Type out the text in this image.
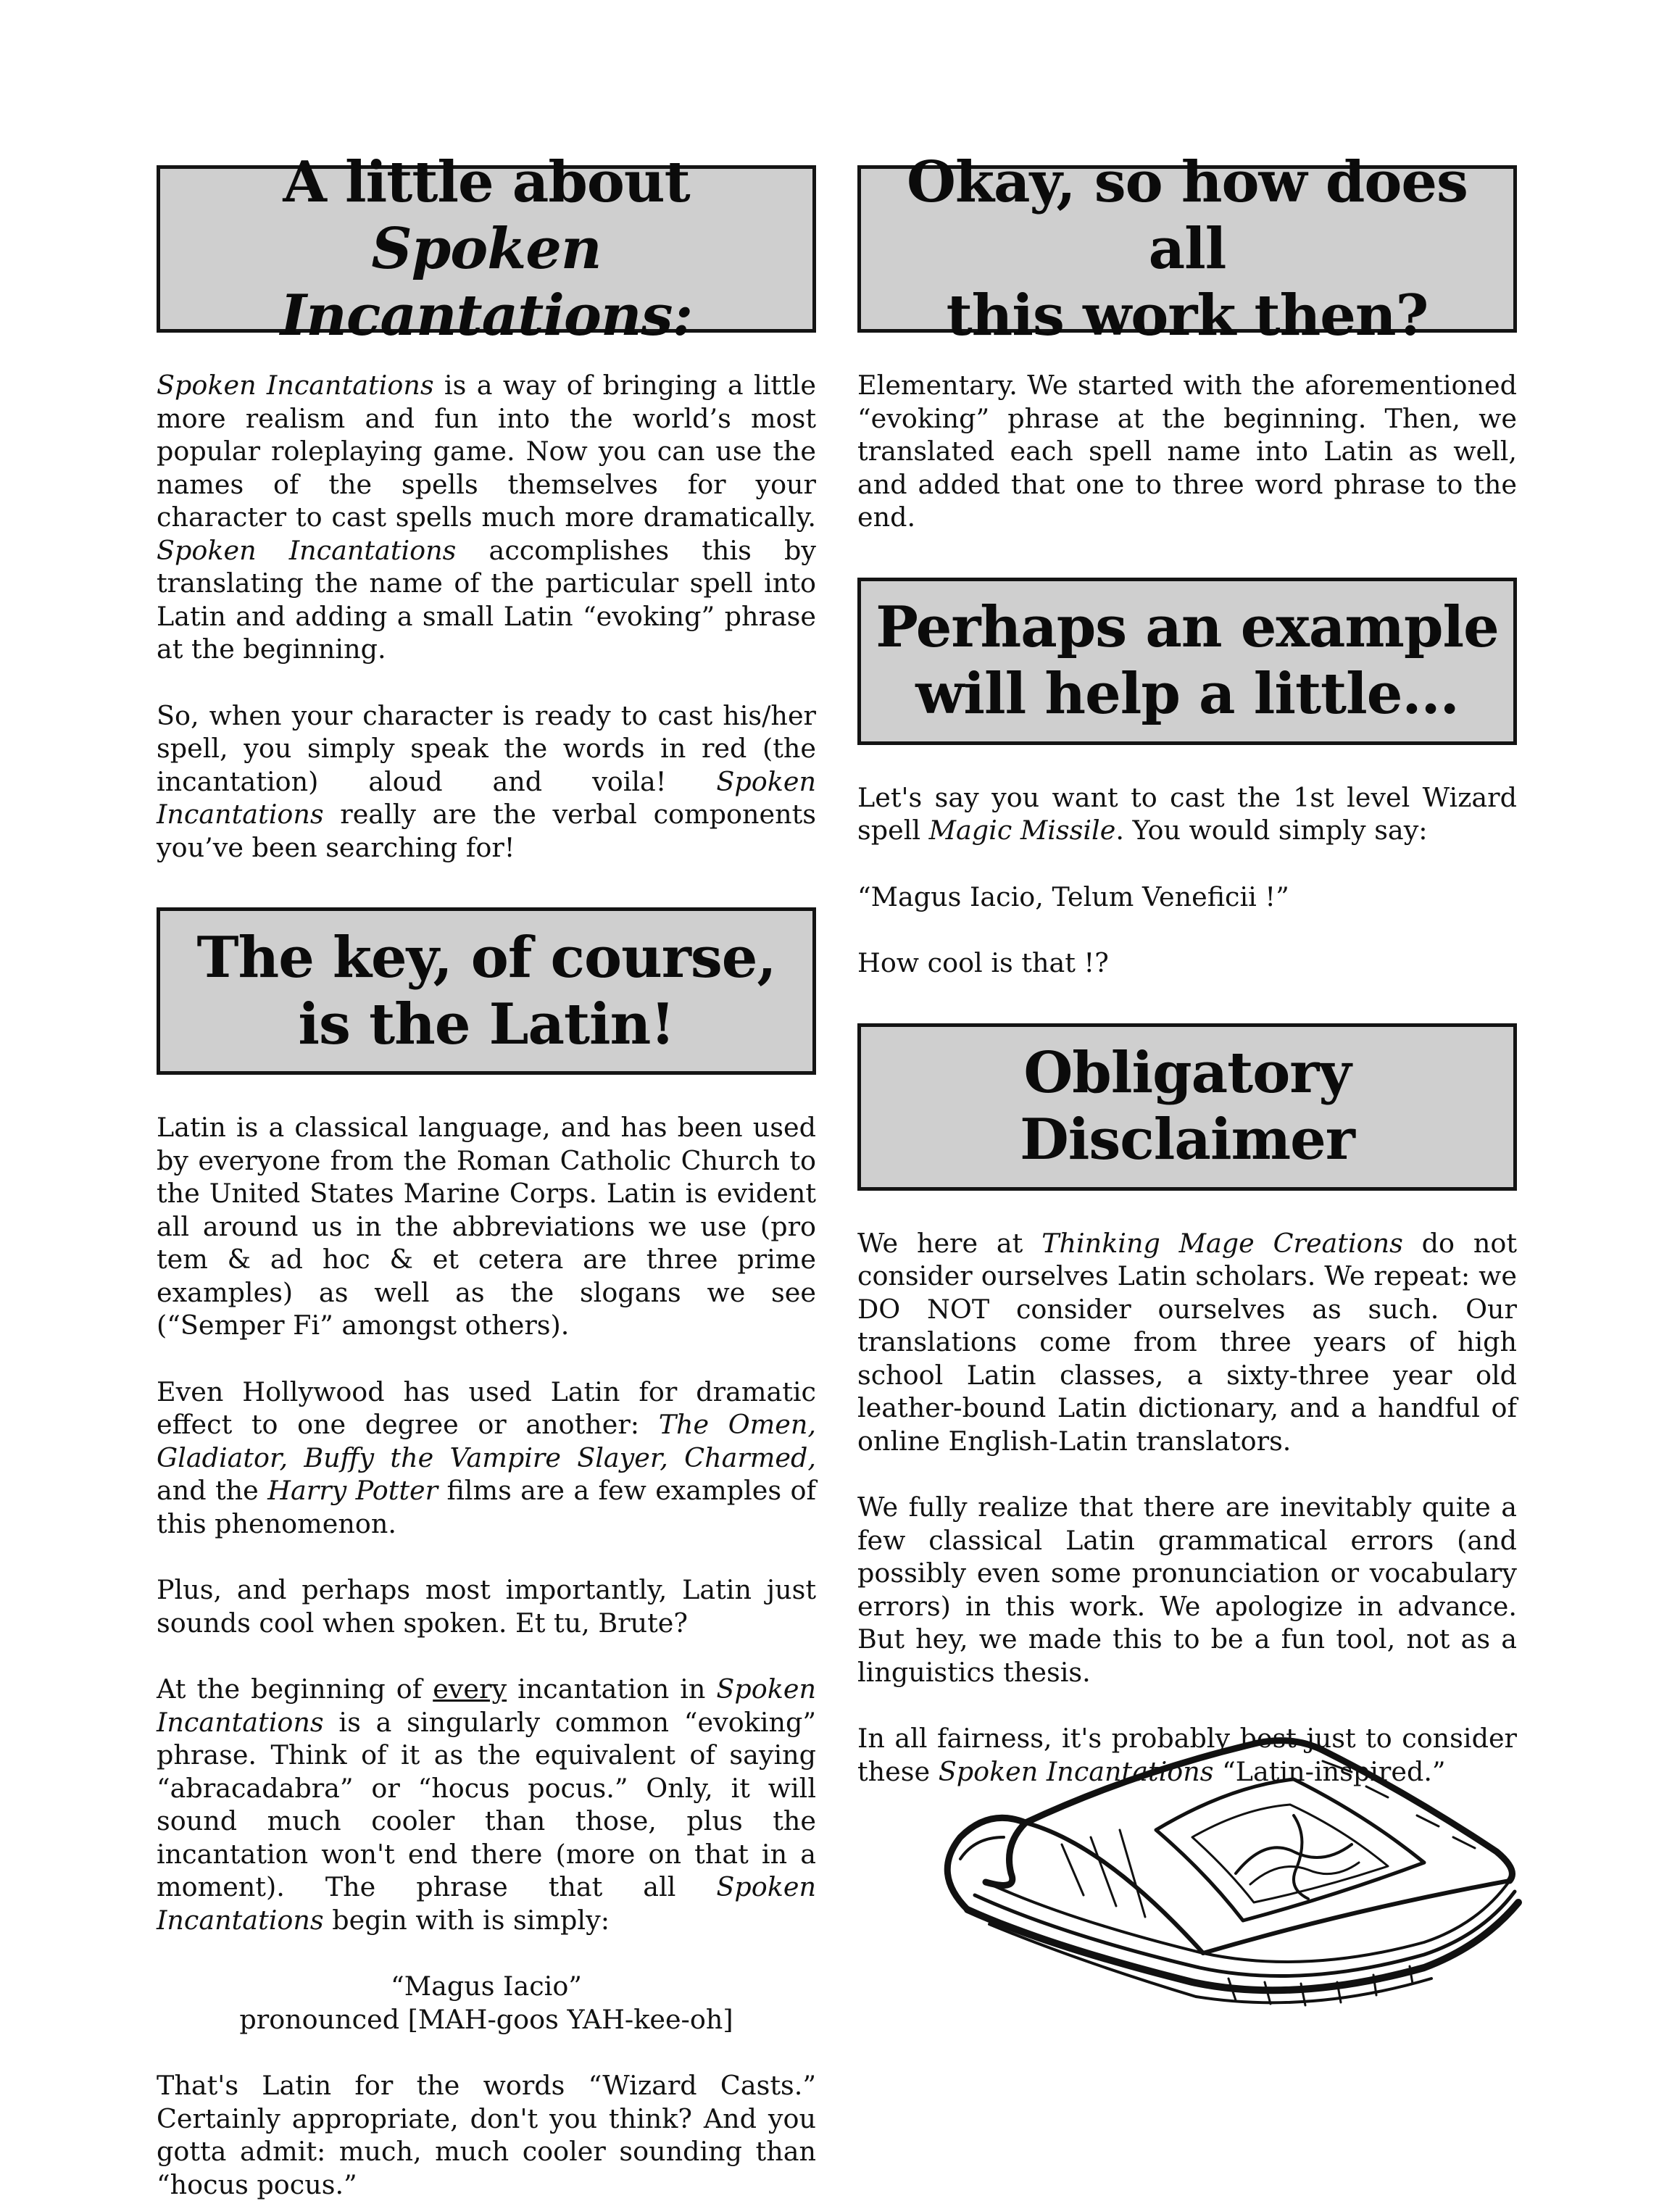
A little about
Spoken Incantations:

Spoken Incantations is a way of bringing a little more realism and fun into the world’s most popular roleplaying game. Now you can use the names of the spells themselves for your character to cast spells much more dramatically. Spoken Incantations accomplishes this by translating the name of the particular spell into Latin and adding a small Latin “evoking” phrase at the beginning.

So, when your character is ready to cast his/her spell, you simply speak the words in red (the incantation) aloud and voila! Spoken Incantations really are the verbal components you’ve been searching for!

The key, of course,
is the Latin!

Latin is a classical language, and has been used by everyone from the Roman Catholic Church to the United States Marine Corps. Latin is evident all around us in the abbreviations we use (pro tem & ad hoc & et cetera are three prime examples) as well as the slogans we see (“Semper Fi” amongst others).

Even Hollywood has used Latin for dramatic effect to one degree or another: The Omen, Gladiator, Buffy the Vampire Slayer, Charmed, and the Harry Potter films are a few examples of this phenomenon.

Plus, and perhaps most importantly, Latin just sounds cool when spoken. Et tu, Brute?

At the beginning of every incantation in Spoken Incantations is a singularly common “evoking” phrase. Think of it as the equivalent of saying “abracadabra” or “hocus pocus.” Only, it will sound much cooler than those, plus the incantation won't end there (more on that in a moment). The phrase that all Spoken Incantations begin with is simply:

“Magus Iacio”
pronounced [MAH-goos YAH-kee-oh]

That's Latin for the words “Wizard Casts.” Certainly appropriate, don't you think? And you gotta admit: much, much cooler sounding than “hocus pocus.”

Okay, so how does all
this work then?

Elementary. We started with the aforementioned “evoking” phrase at the beginning. Then, we translated each spell name into Latin as well, and added that one to three word phrase to the end.

Perhaps an example
will help a little...

Let's say you want to cast the 1st level Wizard spell Magic Missile. You would simply say:

“Magus Iacio, Telum Veneficii !”

How cool is that !?

Obligatory
Disclaimer

We here at Thinking Mage Creations do not consider ourselves Latin scholars. We repeat: we DO NOT consider ourselves as such. Our translations come from three years of high school Latin classes, a sixty-three year old leather-bound Latin dictionary, and a handful of online English-Latin translators.

We fully realize that there are inevitably quite a few classical Latin grammatical errors (and possibly even some pronunciation or vocabulary errors) in this work. We apologize in advance. But hey, we made this to be a fun tool, not as a linguistics thesis.

In all fairness, it's probably best just to consider these Spoken Incantations “Latin-inspired.”
